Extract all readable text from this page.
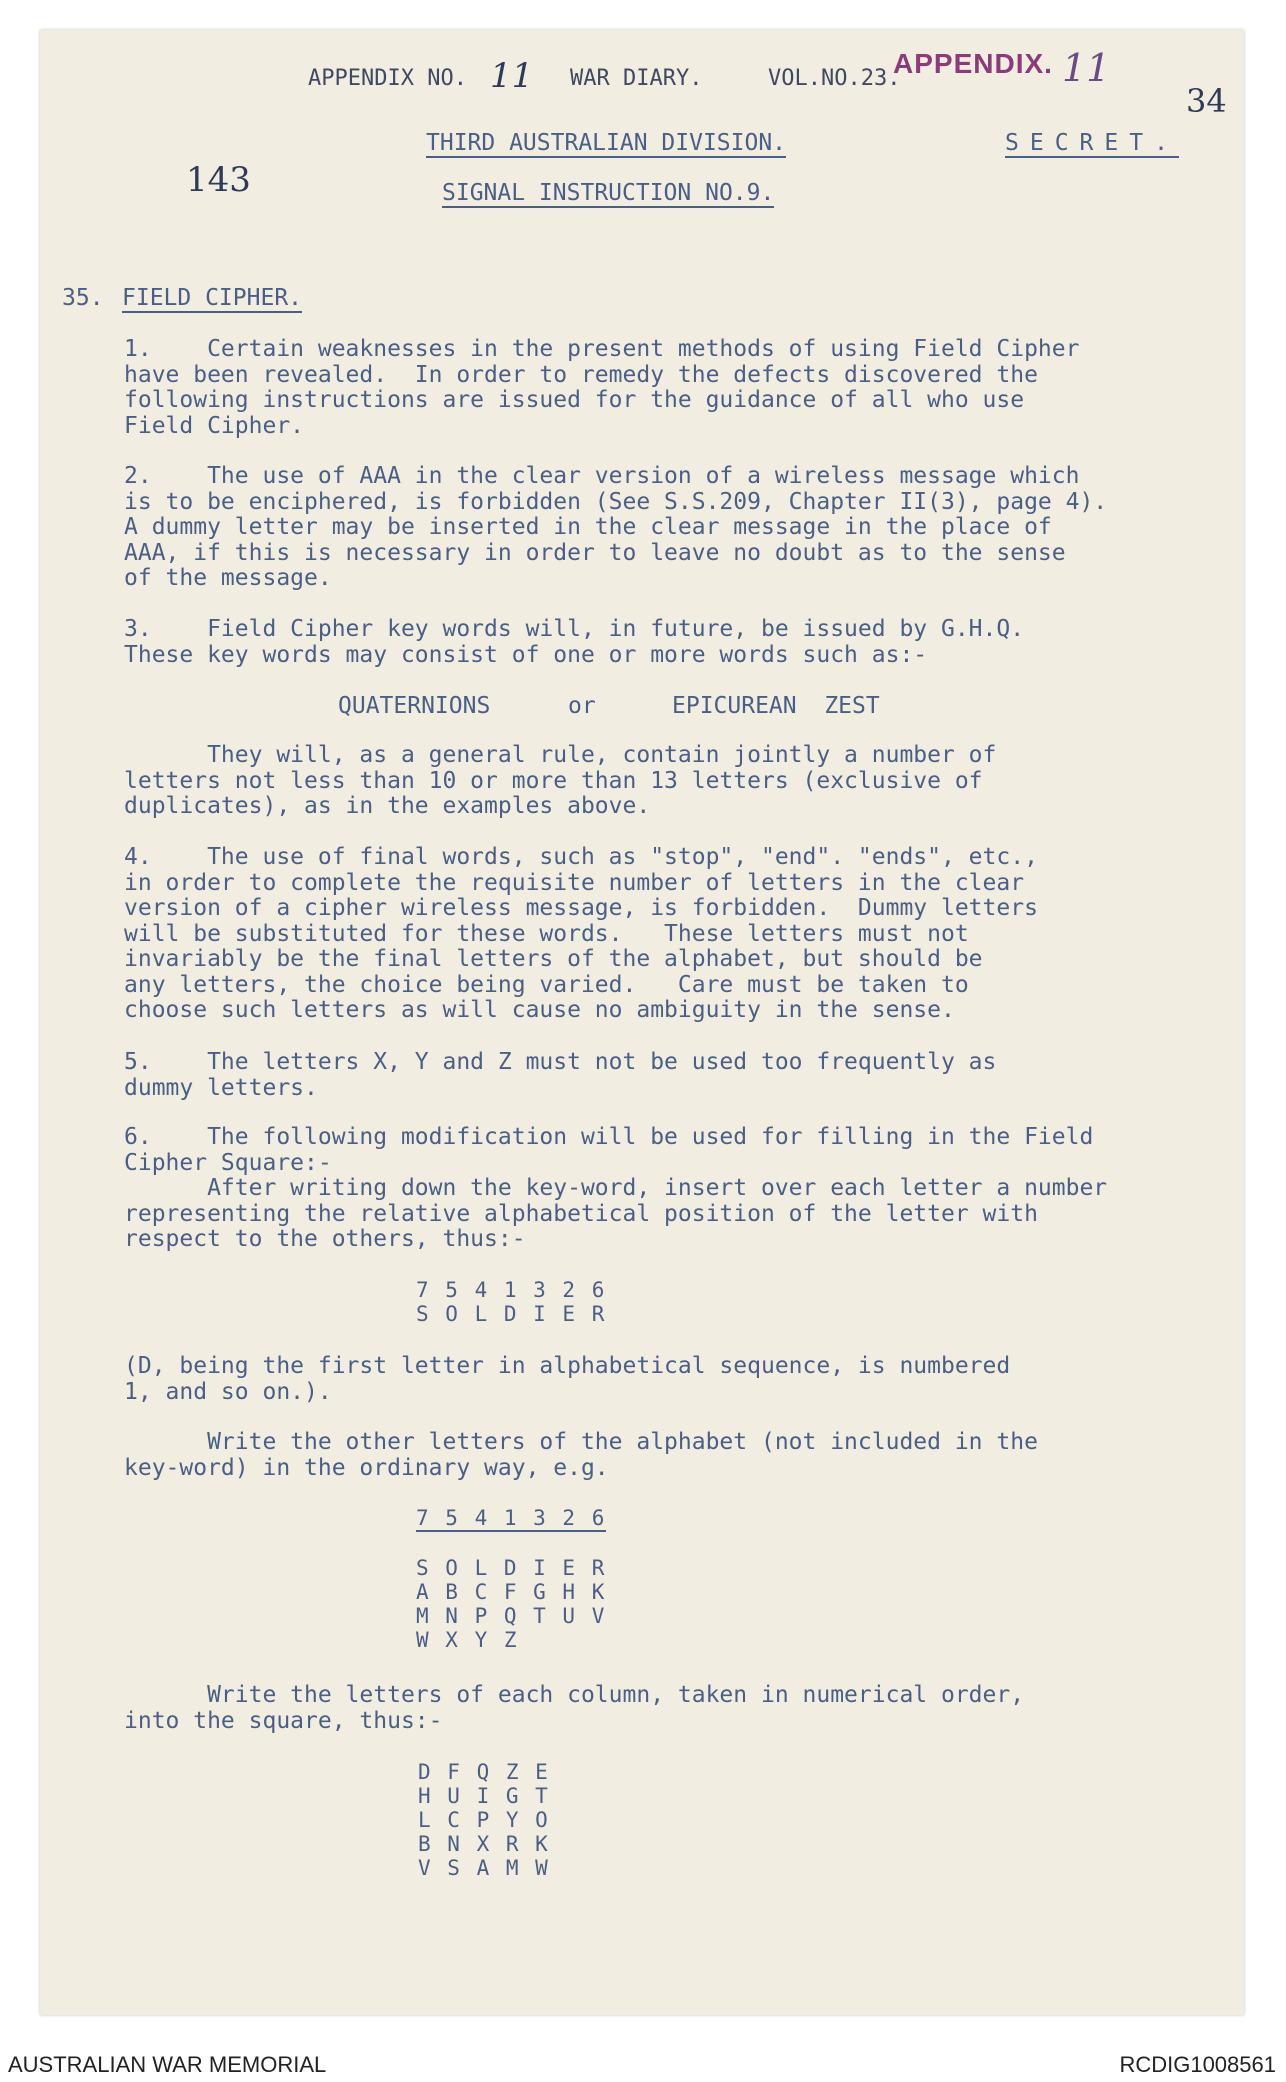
APPENDIX NO. 11 WAR DIARY.	VOL.NO.23.
APPENDIX. 11
34
143
THIRD AUSTRALIAN DIVISION.	SECRET.
SIGNAL INSTRUCTION NO.9.
35. FIELD CIPHER.
1.    Certain weaknesses in the present methods of using Field Cipher
have been revealed.  In order to remedy the defects discovered the
following instructions are issued for the guidance of all who use
Field Cipher.
2.    The use of AAA in the clear version of a wireless message which
is to be enciphered, is forbidden (See S.S.209, Chapter II(3), page 4).
A dummy letter may be inserted in the clear message in the place of
AAA, if this is necessary in order to leave no doubt as to the sense
of the message.
3.    Field Cipher key words will, in future, be issued by G.H.Q.
These key words may consist of one or more words such as:-
QUATERNIONS	or	EPICUREAN  ZEST
They will, as a general rule, contain jointly a number of
letters not less than 10 or more than 13 letters (exclusive of
duplicates), as in the examples above.
4.    The use of final words, such as "stop", "end". "ends", etc.,
in order to complete the requisite number of letters in the clear
version of a cipher wireless message, is forbidden.  Dummy letters
will be substituted for these words.   These letters must not
invariably be the final letters of the alphabet, but should be
any letters, the choice being varied.   Care must be taken to
choose such letters as will cause no ambiguity in the sense.
5.    The letters X, Y and Z must not be used too frequently as
dummy letters.
6.    The following modification will be used for filling in the Field
Cipher Square:-
After writing down the key-word, insert over each letter a number
representing the relative alphabetical position of the letter with
respect to the others, thus:-
7 5 4 1 3 2 6
S O L D I E R
(D, being the first letter in alphabetical sequence, is numbered
1, and so on.).
Write the other letters of the alphabet (not included in the
key-word) in the ordinary way, e.g.
7 5 4 1 3 2 6
S O L D I E R
A B C F G H K
M N P Q T U V
W X Y Z
Write the letters of each column, taken in numerical order,
into the square, thus:-
D F Q Z E
H U I G T
L C P Y O
B N X R K
V S A M W
AUSTRALIAN WAR MEMORIAL	RCDIG1008561
